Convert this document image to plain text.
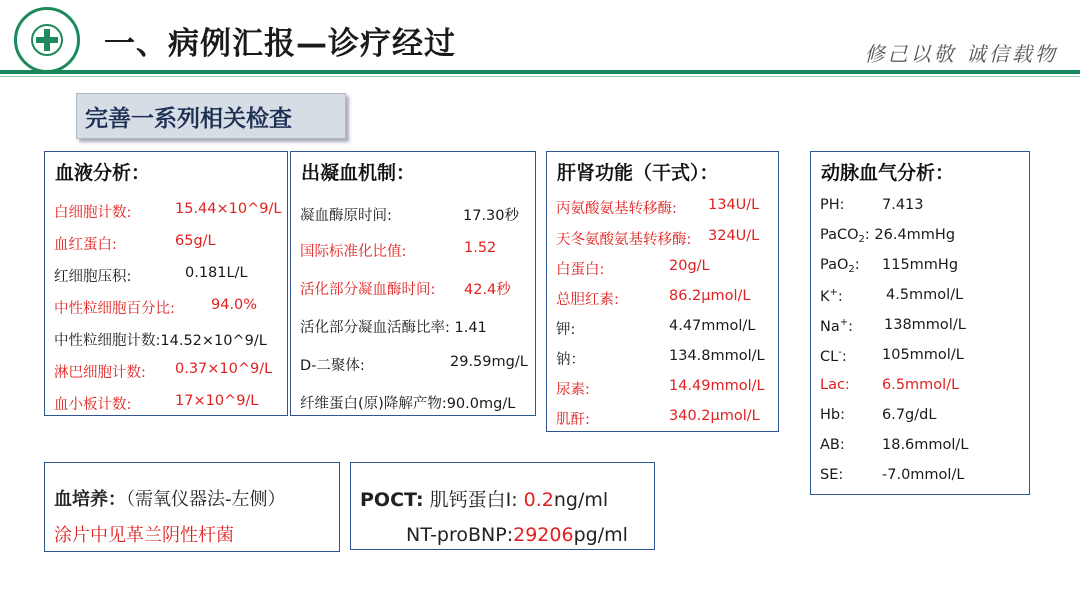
一、病例汇报—诊疗经过	修己以敬 诚信载物
完善一系列相关检查
血液分析：
白细胞计数:	15.44×10^9/L
血红蛋白:	65g/L
红细胞压积:	0.181L/L
中性粒细胞百分比: 94.0%
中性粒细胞计数:14.52×10^9/L
淋巴细胞计数: 0.37×10^9/L
血小板计数:	17×10^9/L
出凝血机制：
凝血酶原时间:	17.30秒
国际标准化比值:	1.52
活化部分凝血酶时间: 42.4秒
活化部分凝血活酶比率: 1.41
D-二聚体:	29.59mg/L
纤维蛋白(原)降解产物:90.0mg/L
肝肾功能（干式）：
丙氨酸氨基转移酶: 134U/L
天冬氨酸氨基转移酶: 324U/L
白蛋白:	20g/L
总胆红素:	86.2μmol/L
钾:	4.47mmol/L
钠：	134.8mmol/L
尿素:	14.49mmol/L
肌酐:	340.2μmol/L
动脉血气分析：
PH:	7.413
PaCO$_2$: 26.4mmHg
PaO$_2$: 115mmHg
K+:	4.5mmol/L
Na+: 138mmol/L
CL-: 105mmol/L
Lac: 6.5mmol/L
Hb:	6.7g/dL
AB:	18.6mmol/L
SE:	-7.0mmol/L
血培养：（需氧仪器法-左侧）
涂片中见革兰阴性杆菌
POCT: 肌钙蛋白I: 0.2ng/ml
NT-proBNP:29206pg/ml
